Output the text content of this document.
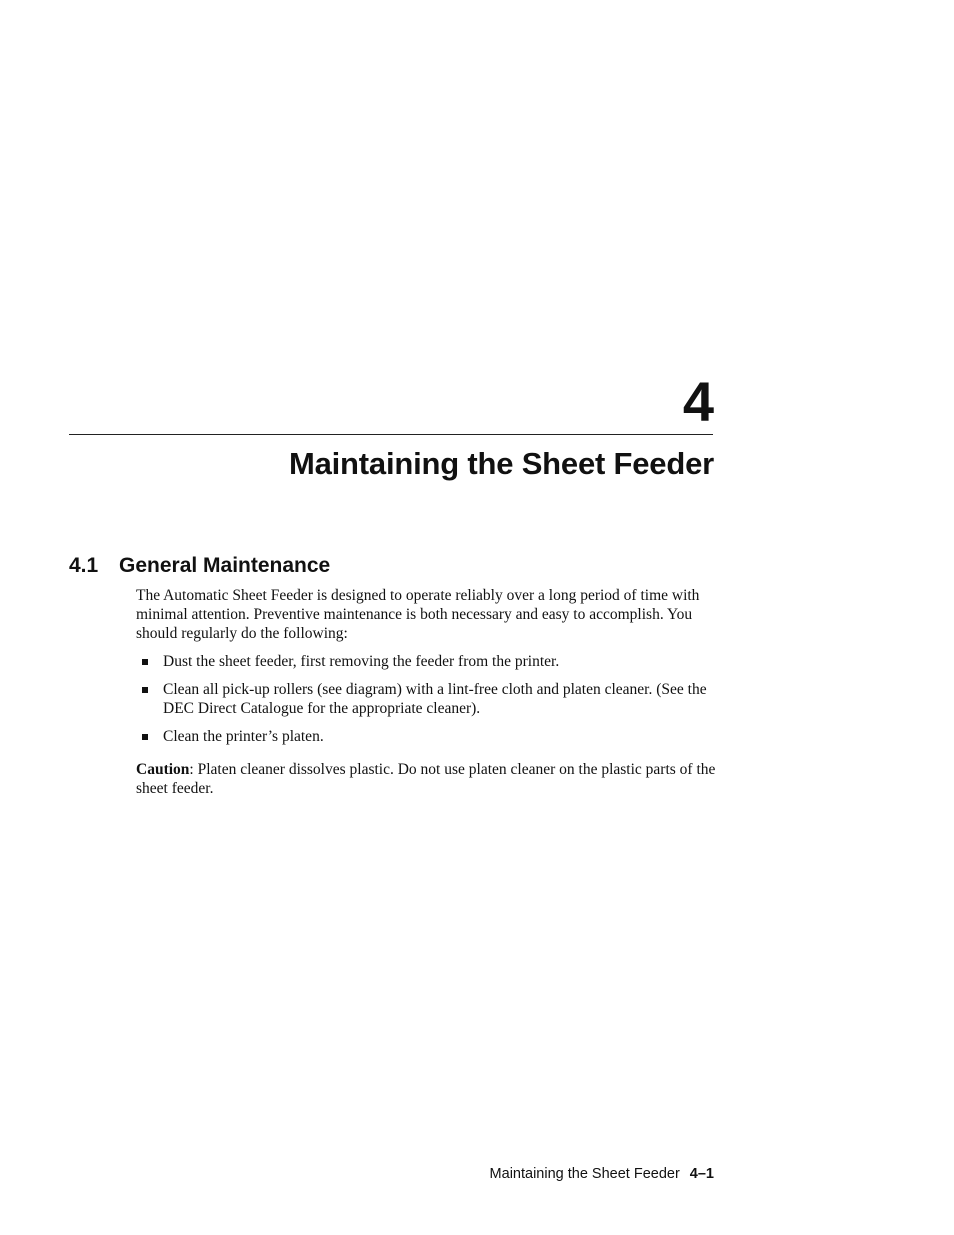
4
Maintaining the Sheet Feeder
4.1 General Maintenance

The Automatic Sheet Feeder is designed to operate reliably over a long period of time with minimal attention. Preventive maintenance is both necessary and easy to accomplish. You should regularly do the following:

Dust the sheet feeder, first removing the feeder from the printer.
Clean all pick-up rollers (see diagram) with a lint-free cloth and platen cleaner. (See the DEC Direct Catalogue for the appropriate cleaner).
Clean the printer’s platen.

Caution: Platen cleaner dissolves plastic. Do not use platen cleaner on the plastic parts of the sheet feeder.

Maintaining the Sheet Feeder 4–1
